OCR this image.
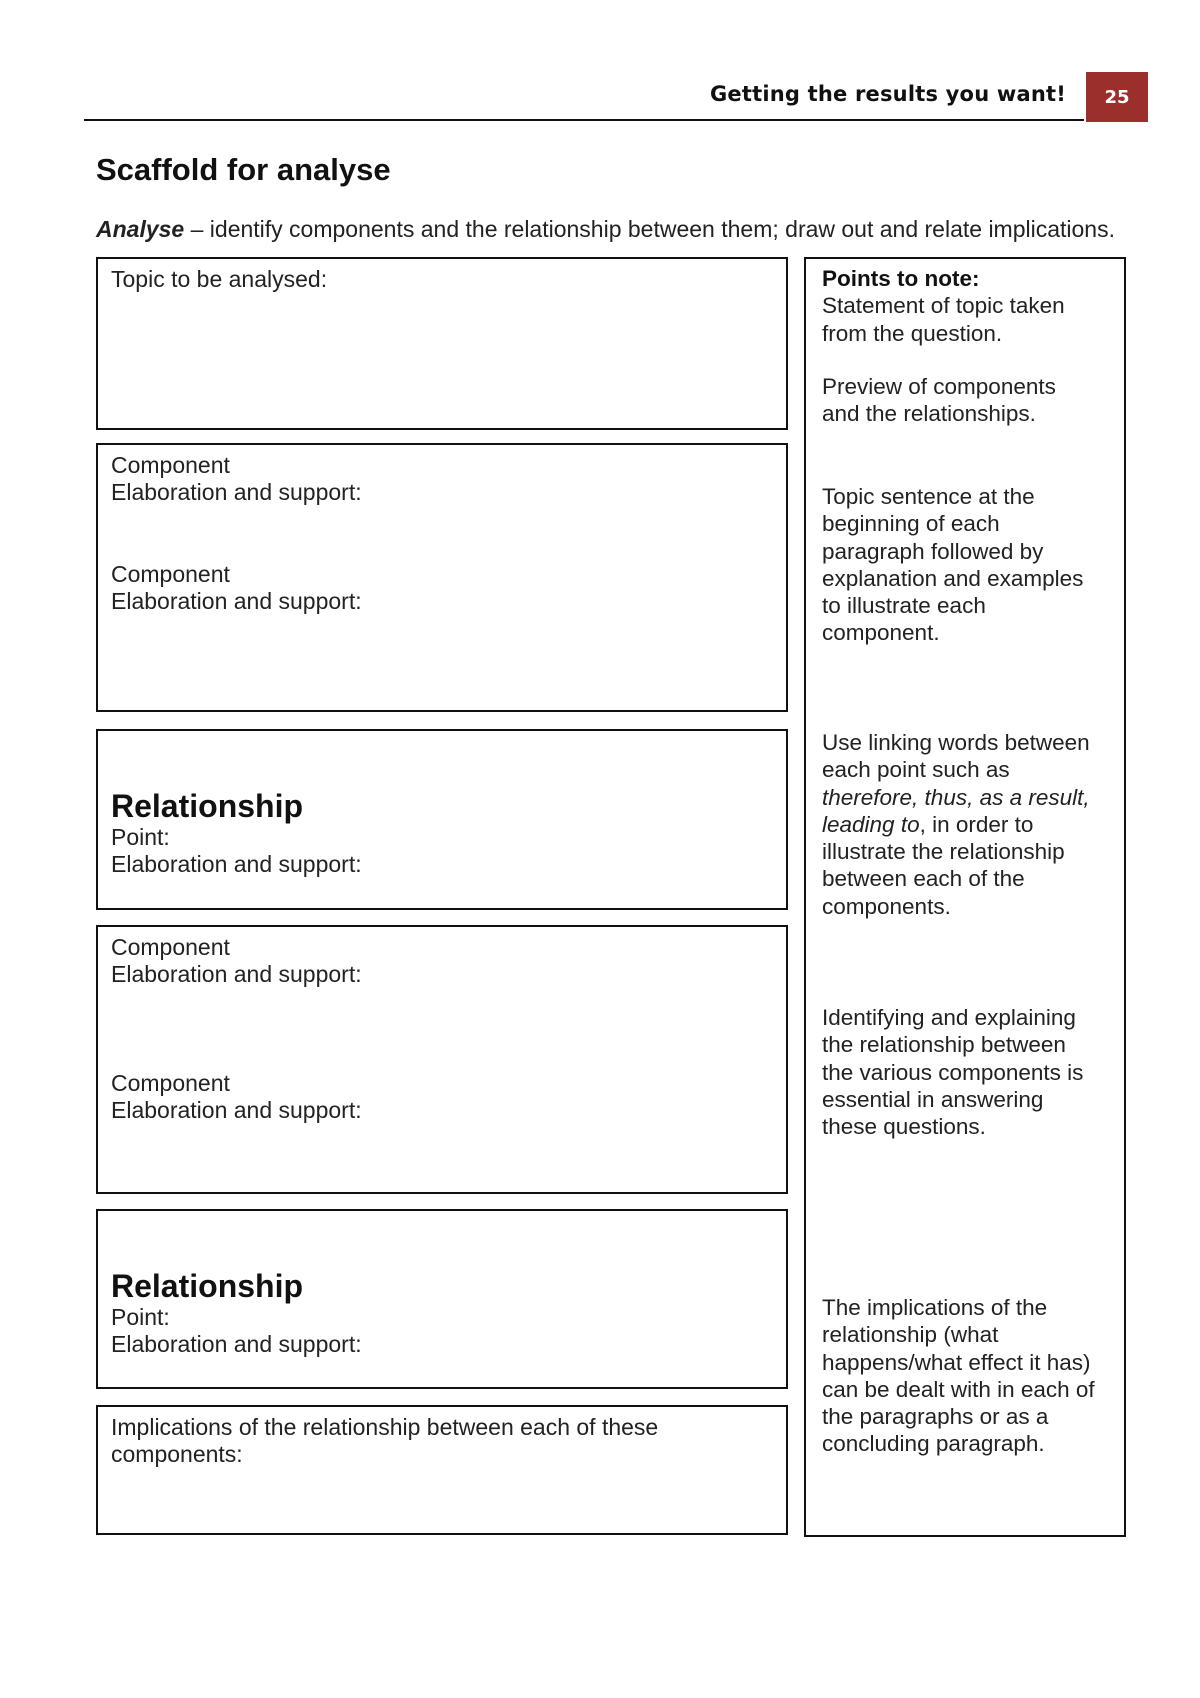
Getting the results you want!	25
Scaffold for analyse
Analyse – identify components and the relationship between them; draw out and relate implications.
Topic to be analysed:
Component
Elaboration and support:
Component
Elaboration and support:
Relationship
Point:
Elaboration and support:
Component
Elaboration and support:
Component
Elaboration and support:
Relationship
Point:
Elaboration and support:
Implications of the relationship between each of these
components:
Points to note:
Statement of topic taken
from the question.
Preview of components
and the relationships.
Topic sentence at the
beginning of each
paragraph followed by
explanation and examples
to illustrate each
component.
Use linking words between
each point such as
therefore, thus, as a result,
leading to, in order to
illustrate the relationship
between each of the
components.
Identifying and explaining
the relationship between
the various components is
essential in answering
these questions.
The implications of the
relationship (what
happens/what effect it has)
can be dealt with in each of
the paragraphs or as a
concluding paragraph.
